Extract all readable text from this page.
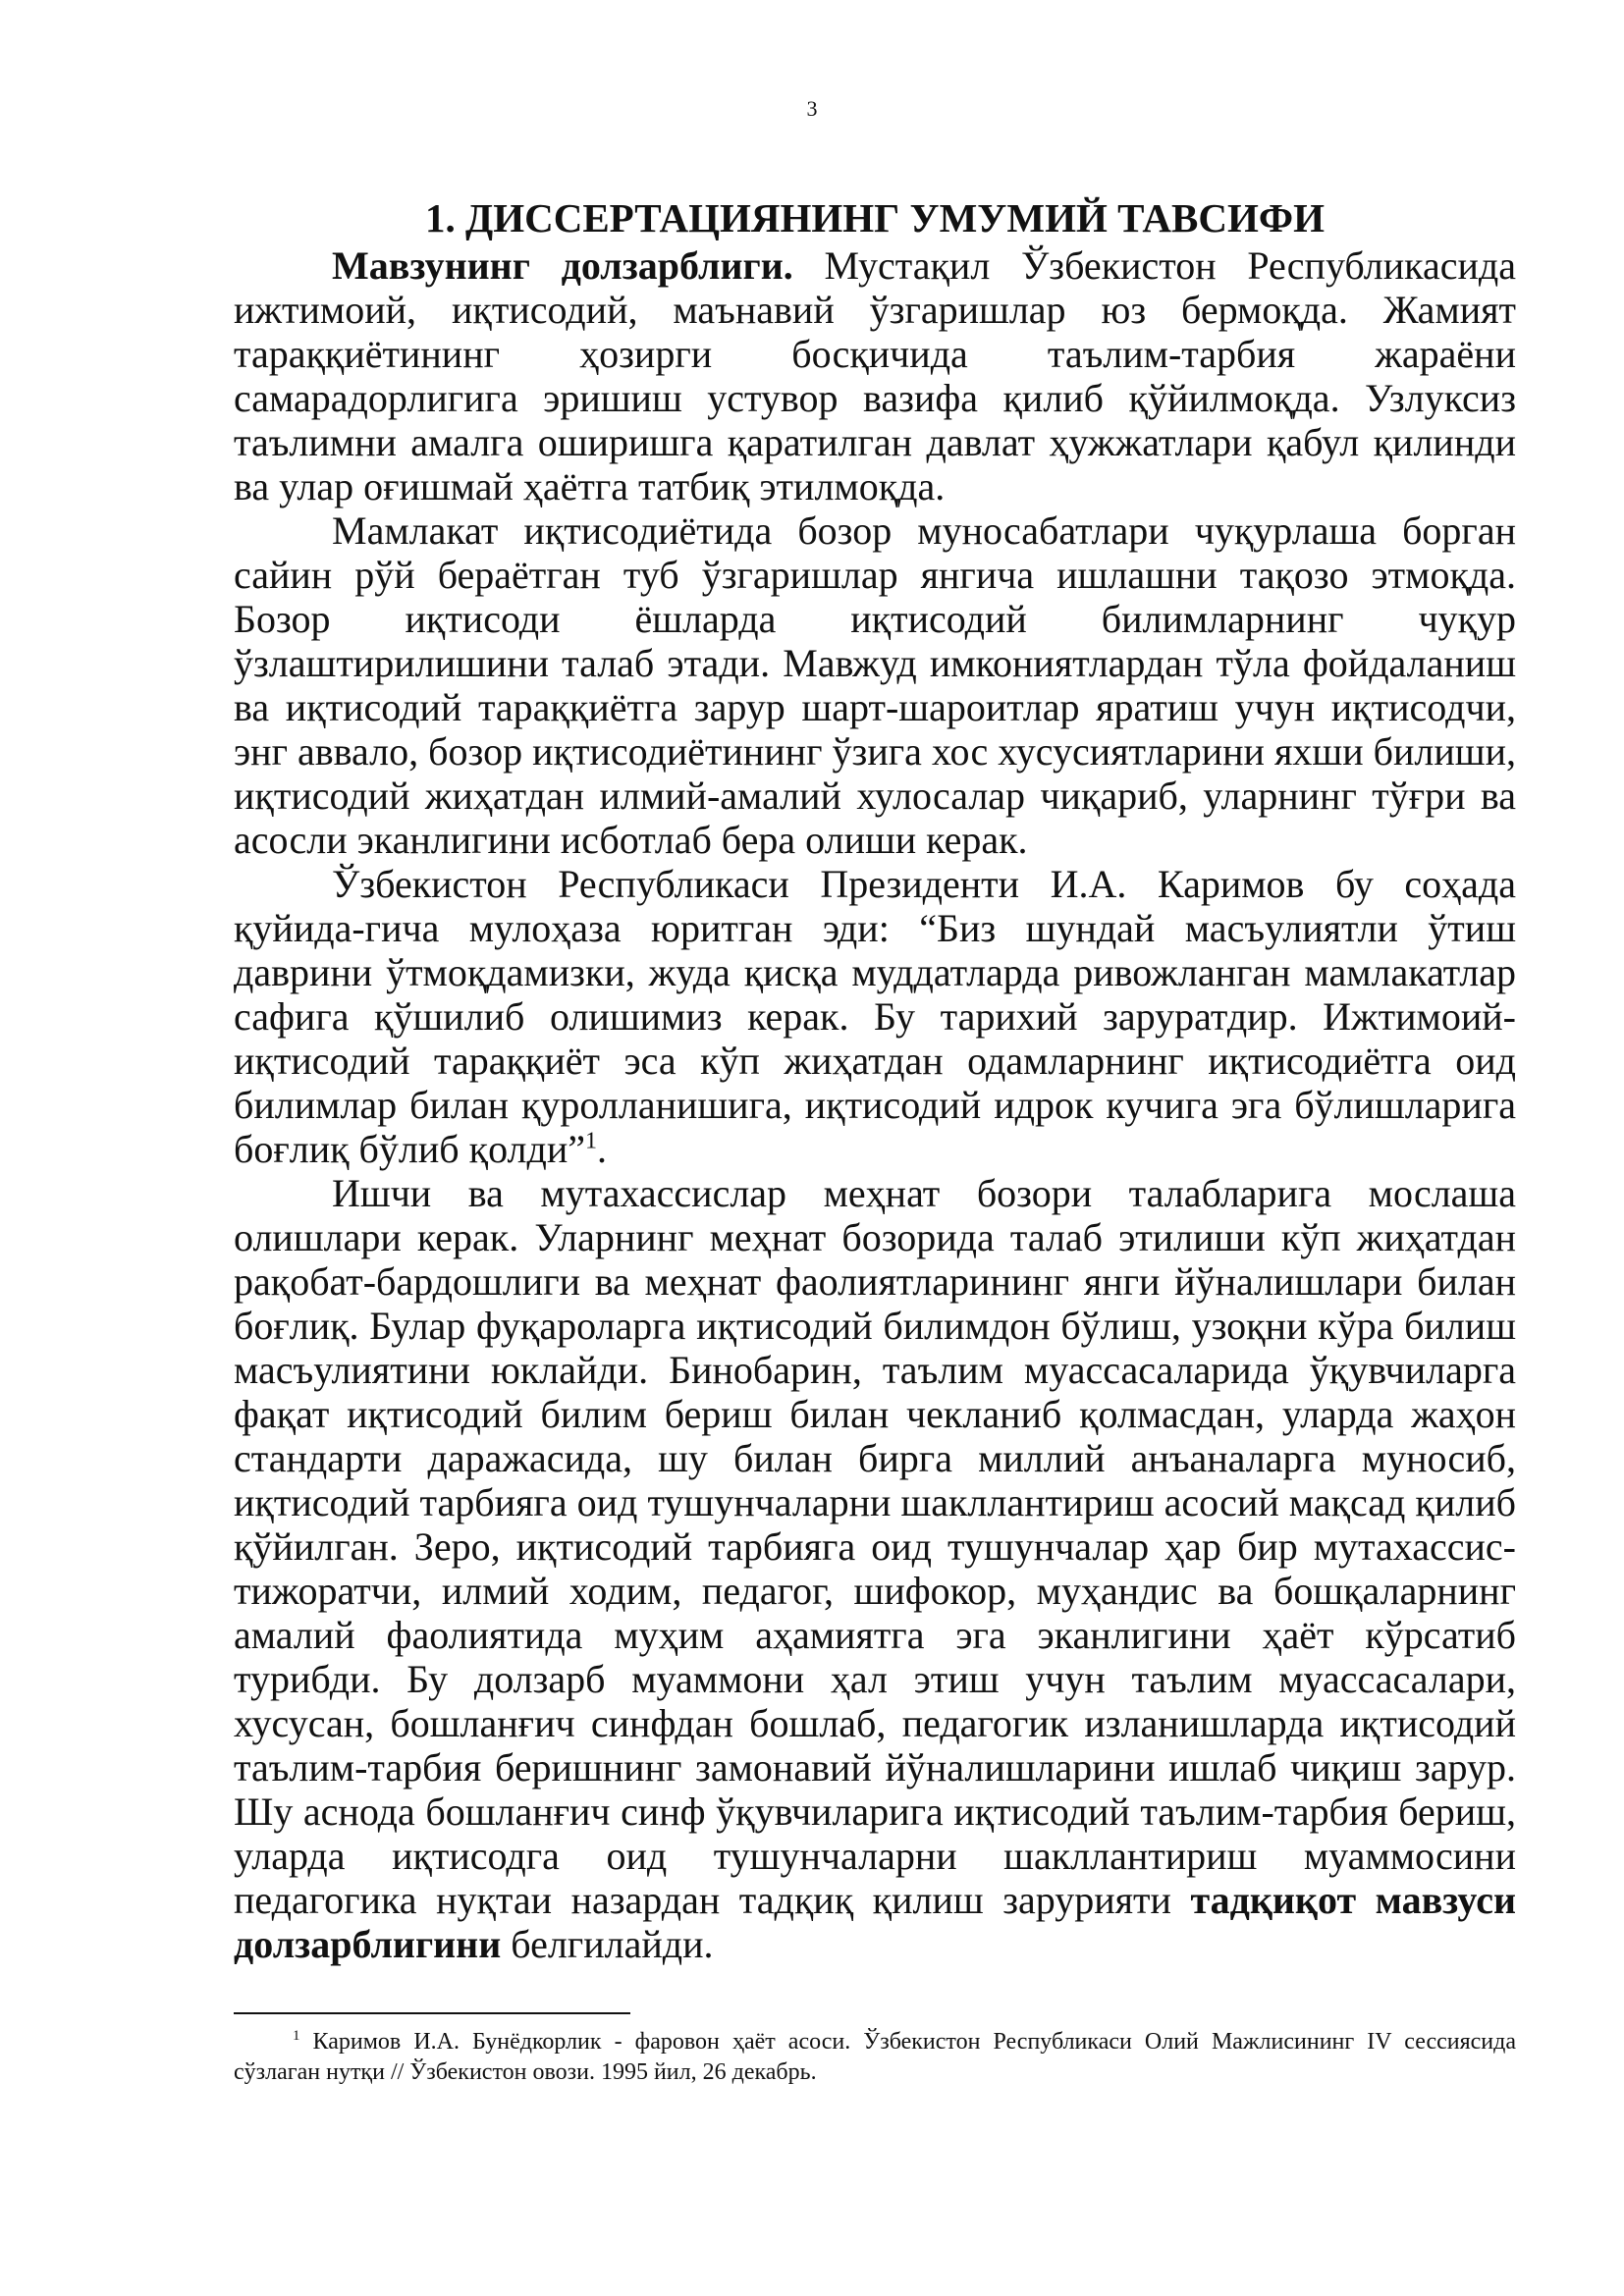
3
1. ДИССЕРТАЦИЯНИНГ УМУМИЙ ТАВСИФИ

Мавзунинг долзарблиги. Мустақил Ўзбекистон Республикасида ижтимоий, иқтисодий, маънавий ўзгаришлар юз бермоқда. Жамият тараққиётининг ҳозирги босқичида таълим-тарбия жараёни самарадорлигига эришиш устувор вазифа қилиб қўйилмоқда. Узлуксиз таълимни амалга оширишга қаратилган давлат ҳужжатлари қабул қилинди ва улар оғишмай ҳаётга татбиқ этилмоқда.

Мамлакат иқтисодиётида бозор муносабатлари чуқурлаша борган сайин рўй бераётган туб ўзгаришлар янгича ишлашни тақозо этмоқда. Бозор иқтисоди ёшларда иқтисодий билимларнинг чуқур ўзлаштирилишини талаб этади. Мавжуд имкониятлардан тўла фойдаланиш ва иқтисодий тараққиётга зарур шарт-шароитлар яратиш учун иқтисодчи, энг аввало, бозор иқтисодиётининг ўзига хос хусусиятларини яхши билиши, иқтисодий жиҳатдан илмий-амалий хулосалар чиқариб, уларнинг тўғри ва асосли эканлигини исботлаб бера олиши керак.

Ўзбекистон Республикаси Президенти И.А. Каримов бу соҳада қуйида-гича мулоҳаза юритган эди: “Биз шундай масъулиятли ўтиш даврини ўтмоқдамизки, жуда қисқа муддатларда ривожланган мамлакатлар сафига қўшилиб олишимиз керак. Бу тарихий заруратдир. Ижтимоий-иқтисодий тараққиёт эса кўп жиҳатдан одамларнинг иқтисодиётга оид билимлар билан қуролланишига, иқтисодий идрок кучига эга бўлишларига боғлиқ бўлиб қолди”$^1$.

Ишчи ва мутахассислар меҳнат бозори талабларига мослаша олишлари керак. Уларнинг меҳнат бозорида талаб этилиши кўп жиҳатдан рақобат-бардошлиги ва меҳнат фаолиятларининг янги йўналишлари билан боғлиқ. Булар фуқароларга иқтисодий билимдон бўлиш, узоқни кўра билиш масъулиятини юклайди. Бинобарин, таълим муассасаларида ўқувчиларга фақат иқтисодий билим бериш билан чекланиб қолмасдан, уларда жаҳон стандарти даражасида, шу билан бирга миллий анъаналарга муносиб, иқтисодий тарбияга оид тушунчаларни шакллантириш асосий мақсад қилиб қўйилган. Зеро, иқтисодий тарбияга оид тушунчалар ҳар бир мутахассис-тижоратчи, илмий ходим, педагог, шифокор, муҳандис ва бошқаларнинг амалий фаолиятида муҳим аҳамиятга эга эканлигини ҳаёт кўрсатиб турибди. Бу долзарб муаммони ҳал этиш учун таълим муассасалари, хусусан, бошланғич синфдан бошлаб, педагогик изланишларда иқтисодий таълим-тарбия беришнинг замонавий йўналишларини ишлаб чиқиш зарур. Шу аснода бошланғич синф ўқувчиларига иқтисодий таълим-тарбия бериш, уларда иқтисодга оид тушунчаларни шакллантириш муаммосини педагогика нуқтаи назардан тадқиқ қилиш зарурияти тадқиқот мавзуси долзарблигини белгилайди.

$^1$ Каримов И.А. Бунёдкорлик - фаровон ҳаёт асоси. Ўзбекистон Республикаси Олий Мажлисининг IV сессиясида сўзлаган нутқи // Ўзбекистон овози. 1995 йил, 26 декабрь.
